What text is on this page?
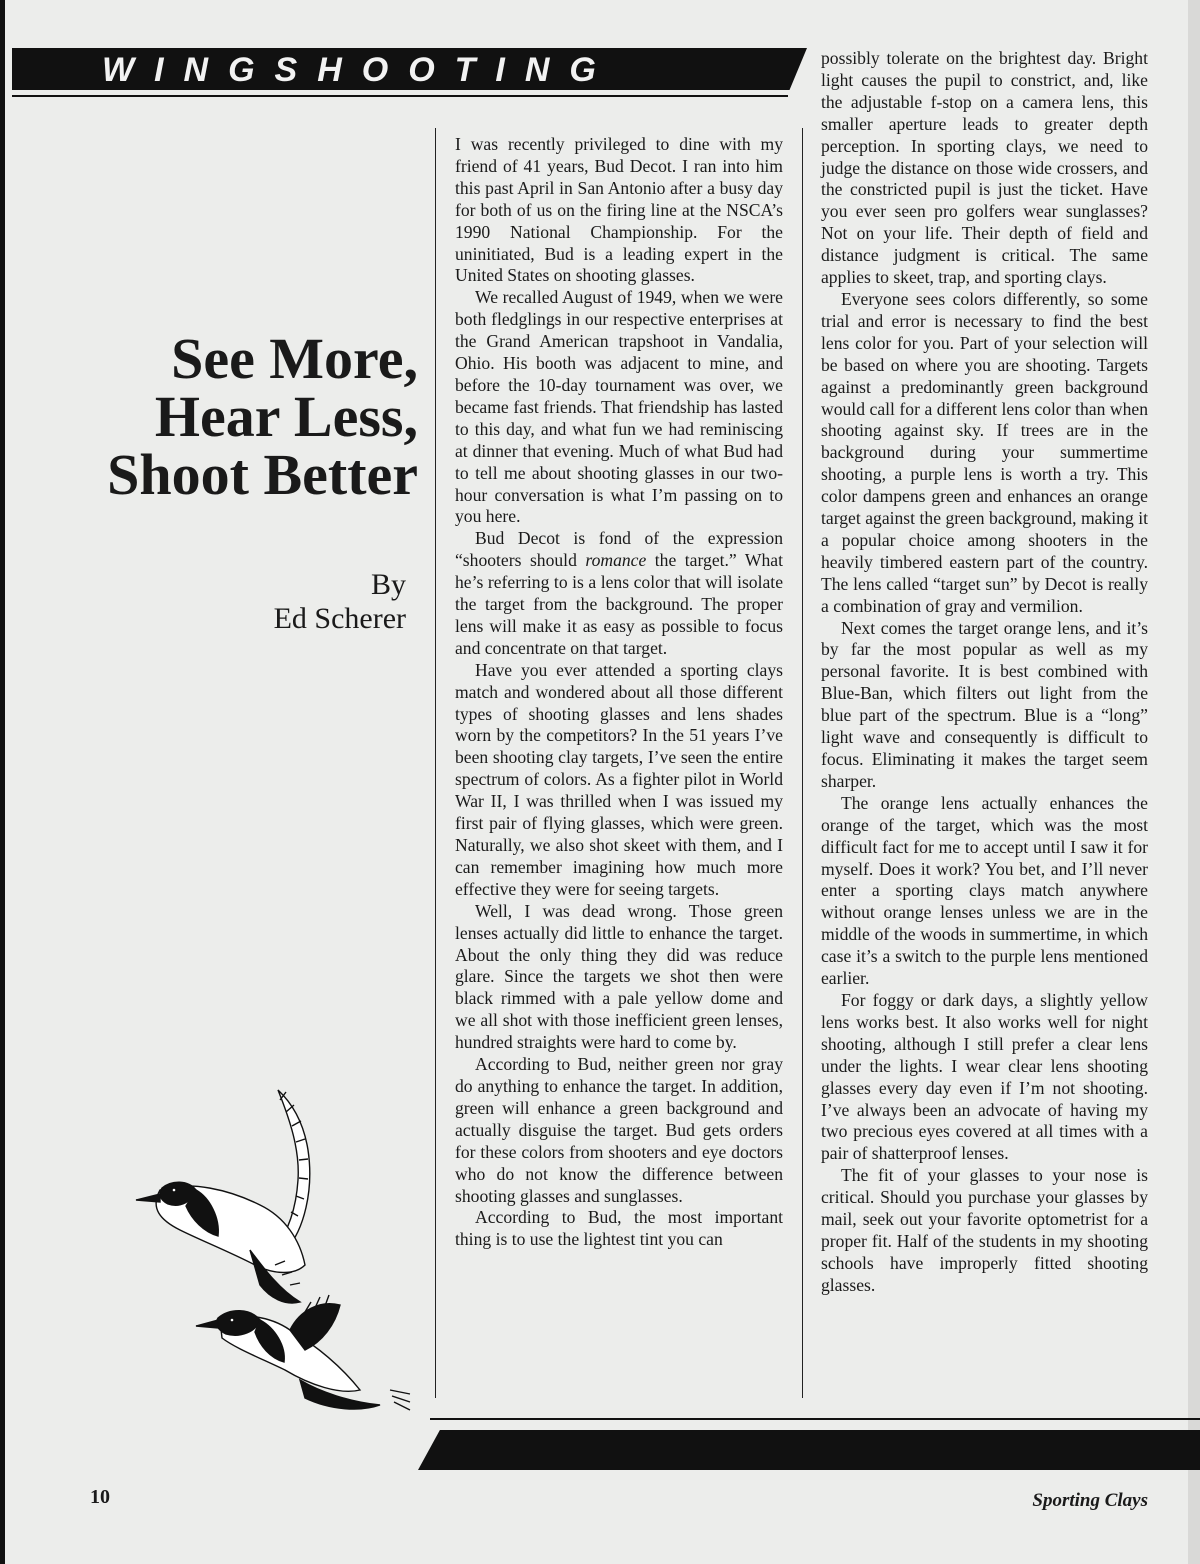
WINGSHOOTING
See More,
Hear Less,
Shoot Better
By
Ed Scherer

I was recently privileged to dine with my friend of 41 years, Bud Decot. I ran into him this past April in San Antonio after a busy day for both of us on the firing line at the NSCA’s 1990 National Championship. For the uninitiated, Bud is a leading expert in the United States on shooting glasses.

We recalled August of 1949, when we were both fledglings in our respective enterprises at the Grand American trapshoot in Vandalia, Ohio. His booth was adjacent to mine, and before the 10-day tournament was over, we became fast friends. That friendship has lasted to this day, and what fun we had reminiscing at dinner that evening. Much of what Bud had to tell me about shooting glasses in our two-hour conversation is what I’m passing on to you here.

Bud Decot is fond of the expression “shooters should romance the target.” What he’s referring to is a lens color that will isolate the target from the background. The proper lens will make it as easy as possible to focus and concentrate on that target.

Have you ever attended a sporting clays match and wondered about all those different types of shooting glasses and lens shades worn by the competitors? In the 51 years I’ve been shooting clay targets, I’ve seen the entire spectrum of colors. As a fighter pilot in World War II, I was thrilled when I was issued my first pair of flying glasses, which were green. Naturally, we also shot skeet with them, and I can remember imagining how much more effective they were for seeing targets.

Well, I was dead wrong. Those green lenses actually did little to enhance the target. About the only thing they did was reduce glare. Since the targets we shot then were black rimmed with a pale yellow dome and we all shot with those inefficient green lenses, hundred straights were hard to come by.

According to Bud, neither green nor gray do anything to enhance the target. In addition, green will enhance a green background and actually disguise the target. Bud gets orders for these colors from shooters and eye doctors who do not know the difference between shooting glasses and sunglasses.

According to Bud, the most important thing is to use the lightest tint you can

possibly tolerate on the brightest day. Bright light causes the pupil to constrict, and, like the adjustable f-stop on a camera lens, this smaller aperture leads to greater depth perception. In sporting clays, we need to judge the distance on those wide crossers, and the constricted pupil is just the ticket. Have you ever seen pro golfers wear sunglasses? Not on your life. Their depth of field and distance judgment is critical. The same applies to skeet, trap, and sporting clays.

Everyone sees colors differently, so some trial and error is necessary to find the best lens color for you. Part of your selection will be based on where you are shooting. Targets against a predominantly green background would call for a different lens color than when shooting against sky. If trees are in the background during your summertime shooting, a purple lens is worth a try. This color dampens green and enhances an orange target against the green background, making it a popular choice among shooters in the heavily timbered eastern part of the country. The lens called “target sun” by Decot is really a combination of gray and vermilion.

Next comes the target orange lens, and it’s by far the most popular as well as my personal favorite. It is best combined with Blue-Ban, which filters out light from the blue part of the spectrum. Blue is a “long” light wave and consequently is difficult to focus. Eliminating it makes the target seem sharper.

The orange lens actually enhances the orange of the target, which was the most difficult fact for me to accept until I saw it for myself. Does it work? You bet, and I’ll never enter a sporting clays match anywhere without orange lenses unless we are in the middle of the woods in summertime, in which case it’s a switch to the purple lens mentioned earlier.

For foggy or dark days, a slightly yellow lens works best. It also works well for night shooting, although I still prefer a clear lens under the lights. I wear clear lens shooting glasses every day even if I’m not shooting. I’ve always been an advocate of having my two precious eyes covered at all times with a pair of shatterproof lenses.

The fit of your glasses to your nose is critical. Should you purchase your glasses by mail, seek out your favorite optometrist for a proper fit. Half of the students in my shooting schools have improperly fitted shooting glasses.

10	Sporting Clays
